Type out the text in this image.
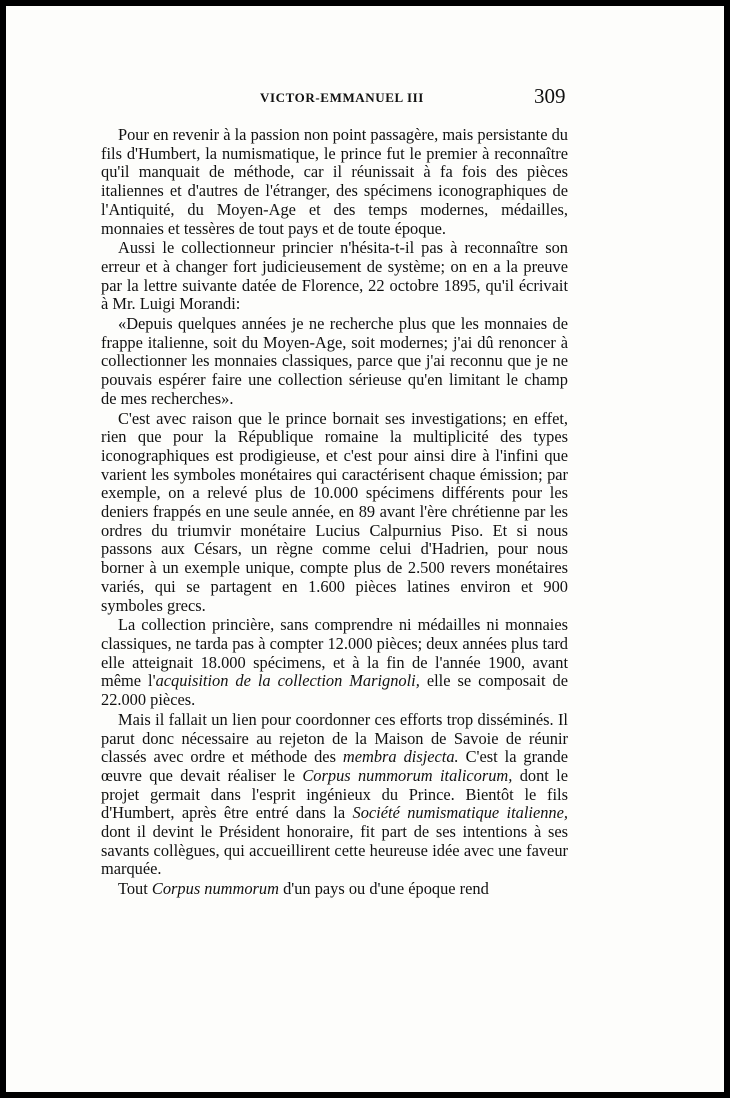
VICTOR-EMMANUEL III	309

Pour en revenir à la passion non point passagère, mais persistante du fils d'Humbert, la numismatique, le prince fut le premier à reconnaître qu'il manquait de méthode, car il réunissait à fa fois des pièces italiennes et d'autres de l'étranger, des spécimens iconographiques de l'Antiquité, du Moyen-Age et des temps modernes, médailles, monnaies et tessères de tout pays et de toute époque.

Aussi le collectionneur princier n'hésita-t-il pas à reconnaître son erreur et à changer fort judicieusement de système; on en a la preuve par la lettre suivante datée de Florence, 22 octobre 1895, qu'il écrivait à Mr. Luigi Morandi:

«Depuis quelques années je ne recherche plus que les monnaies de frappe italienne, soit du Moyen-Age, soit modernes; j'ai dû renoncer à collectionner les monnaies classiques, parce que j'ai reconnu que je ne pouvais espérer faire une collection sérieuse qu'en limitant le champ de mes recherches».

C'est avec raison que le prince bornait ses investigations; en effet, rien que pour la République romaine la multiplicité des types iconographiques est prodigieuse, et c'est pour ainsi dire à l'infini que varient les symboles monétaires qui caractérisent chaque émission; par exemple, on a relevé plus de 10.000 spécimens différents pour les deniers frappés en une seule année, en 89 avant l'ère chrétienne par les ordres du triumvir monétaire Lucius Calpurnius Piso. Et si nous passons aux Césars, un règne comme celui d'Hadrien, pour nous borner à un exemple unique, compte plus de 2.500 revers monétaires variés, qui se partagent en 1.600 pièces latines environ et 900 symboles grecs.

La collection princière, sans comprendre ni médailles ni monnaies classiques, ne tarda pas à compter 12.000 pièces; deux années plus tard elle atteignait 18.000 spécimens, et à la fin de l'année 1900, avant même l'acquisition de la collection Marignoli, elle se composait de 22.000 pièces.

Mais il fallait un lien pour coordonner ces efforts trop disséminés. Il parut donc nécessaire au rejeton de la Maison de Savoie de réunir classés avec ordre et méthode des membra disjecta. C'est la grande œuvre que devait réaliser le Corpus nummorum italicorum, dont le projet germait dans l'esprit ingénieux du Prince. Bientôt le fils d'Humbert, après être entré dans la Société numismatique italienne, dont il devint le Président honoraire, fit part de ses intentions à ses savants collègues, qui accueillirent cette heureuse idée avec une faveur marquée.

Tout Corpus nummorum d'un pays ou d'une époque rend
